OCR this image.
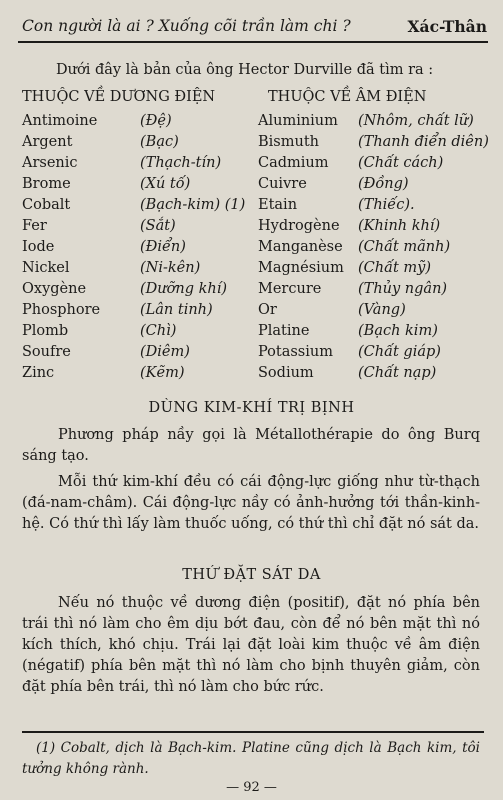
Con người là ai ? Xuống cõi trần làm chi ?	Xác-Thân
Dưới đây là bản của ông Hector Durville đã tìm ra :
THUỘC VỀ DƯƠNG ĐIỆN	THUỘC VỀ ÂM ĐIỆN
Antimoine	(Đệ)	Aluminium (Nhôm, chất lữ)
Argent	(Bạc)	Bismuth	(Thanh điển diên)
Arsenic	(Thạch-tín)	Cadmium (Chất cách)
Brome	(Xú tố)	Cuivre	(Đồng)
Cobalt	(Bạch-kim) (1) Etain	(Thiếc).
Fer	(Sắt)	Hydrogène (Khinh khí)
Iode	(Điển)	Manganèse (Chất mãnh)
Nickel	(Ni-kên)	Magnésium (Chất mỹ)
Oxygène	(Dưỡng khí) Mercure	(Thủy ngân)
Phosphore	(Lân tinh)	Or	(Vàng)
Plomb	(Chì)	Platine	(Bạch kim)
Soufre	(Diêm)	Potassium (Chất giáp)
Zinc	(Kẽm)	Sodium	(Chất nạp)
DÙNG KIM-KHÍ TRỊ BỊNH

Phương pháp nầy gọi là Métallothérapie do ông Burq sáng tạo.

Mỗi thứ kim-khí đều có cái động-lực giống như từ-thạch (đá-nam-châm). Cái động-lực nầy có ảnh-hưởng tới thần-kinh-hệ. Có thứ thì lấy làm thuốc uống, có thứ thì chỉ đặt nó sát da.

THỨ ĐẶT SÁT DA

Nếu nó thuộc về dương điện (positif), đặt nó phía bên trái thì nó làm cho êm dịu bớt đau, còn để nó bên mặt thì nó kích thích, khó chịu. Trái lại đặt loài kim thuộc về âm điện (négatif) phía bên mặt thì nó làm cho bịnh thuyên giảm, còn đặt phía bên trái, thì nó làm cho bức rức.

(1) Cobalt, dịch là Bạch-kim. Platine cũng dịch là Bạch kim, tôi tưởng không rành.

— 92 —
